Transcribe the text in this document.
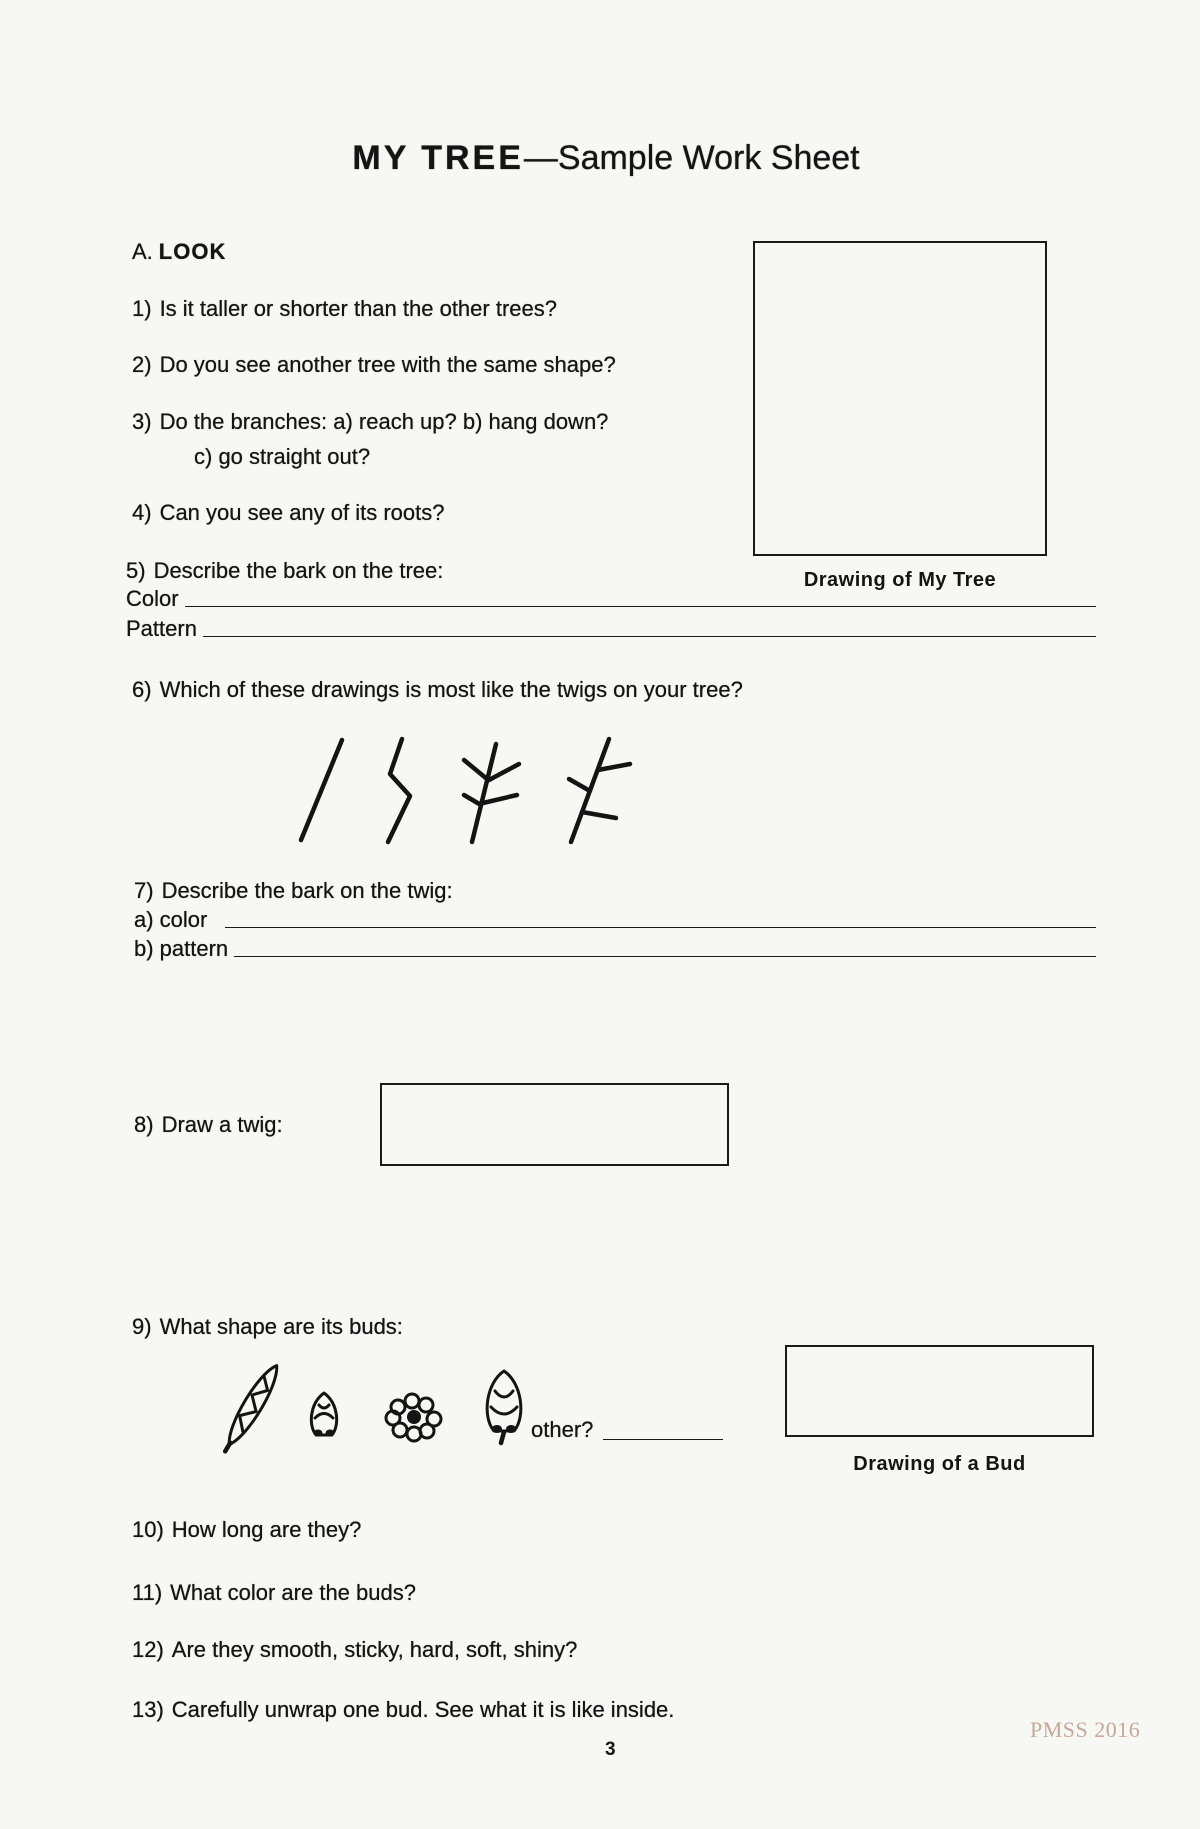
MY TREE—Sample Work Sheet
A. LOOK
1) Is it taller or shorter than the other trees?
2) Do you see another tree with the same shape?
3) Do the branches: a) reach up? b) hang down?
c) go straight out?
4) Can you see any of its roots?
Drawing of My Tree
5) Describe the bark on the tree:
Color
Pattern
6) Which of these drawings is most like the twigs on your tree?
7) Describe the bark on the twig:
a) color
b) pattern
8) Draw a twig:
9) What shape are its buds:
other?
Drawing of a Bud
10) How long are they?
11) What color are the buds?
12) Are they smooth, sticky, hard, soft, shiny?
13) Carefully unwrap one bud. See what it is like inside.
3
PMSS 2016
